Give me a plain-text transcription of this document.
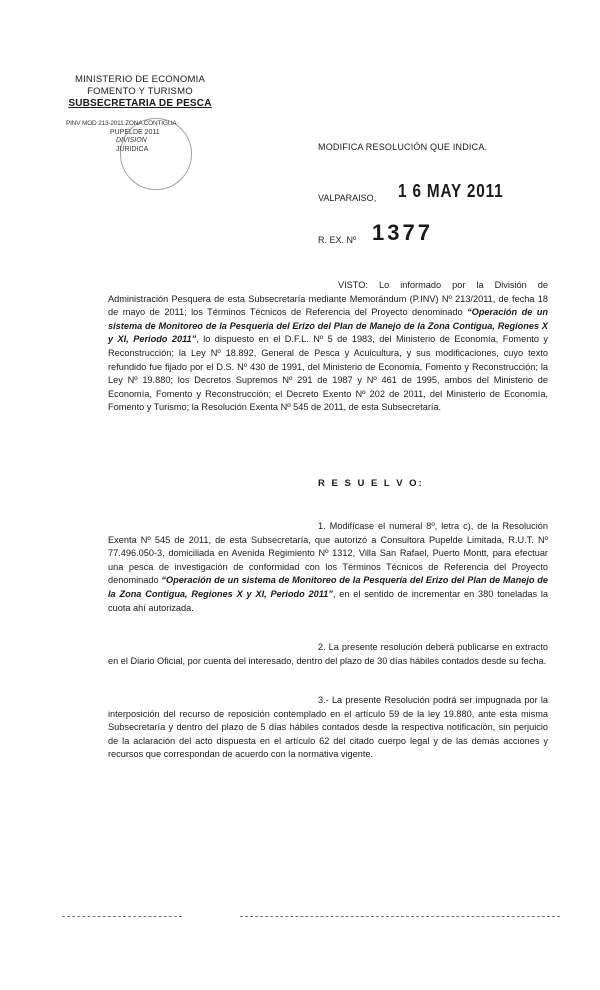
MINISTERIO DE ECONOMIA
FOMENTO Y TURISMO
SUBSECRETARIA DE PESCA
PINV MOD 213-2011 ZONA CONTIGUA
PUPELDE 2011
DIVISION
JURIDICA	MODIFICA RESOLUCIÓN QUE INDICA.
VALPARAISO, 1 6 MAY 2011
R. EX. Nº 1377
VISTO: Lo informado por la División de Administración Pesquera de esta Subsecretaría mediante Memorándum (P.INV) Nº 213/2011, de fecha 18 de mayo de 2011; los Términos Técnicos de Referencia del Proyecto denominado “Operación de un sistema de Monitoreo de la Pesquería del Erizo del Plan de Manejo de la Zona Contigua, Regiones X y XI, Periodo 2011”, lo dispuesto en el D.F.L. Nº 5 de 1983, del Ministerio de Economía, Fomento y Reconstrucción; la Ley Nº 18.892, General de Pesca y Acuicultura, y sus modificaciones, cuyo texto refundido fue fijado por el D.S. Nº 430 de 1991, del Ministerio de Economía, Fomento y Reconstrucción; la Ley Nº 19.880; los Decretos Supremos Nº 291 de 1987 y Nº 461 de 1995, ambos del Ministerio de Economía, Fomento y Reconstrucción; el Decreto Exento Nº 202 de 2011, del Ministerio de Economía, Fomento y Turismo; la Resolución Exenta Nº 545 de 2011, de esta Subsecretaría.
R E S U E L V O:
1. Modifícase el numeral 8º, letra c), de la Resolución Exenta Nº 545 de 2011, de esta Subsecretaría, que autorizó a Consultora Pupelde Limitada, R.U.T. Nº 77.496.050-3, domiciliada en Avenida Regimiento Nº 1312, Villa San Rafael, Puerto Montt, para efectuar una pesca de investigación de conformidad con los Términos Técnicos de Referencia del Proyecto denominado “Operación de un sistema de Monitoreo de la Pesquería del Erizo del Plan de Manejo de la Zona Contigua, Regiones X y XI, Periodo 2011”, en el sentido de incrementar en 380 toneladas la cuota ahí autorizada.
2. La presente resolución deberá publicarse en extracto en el Diario Oficial, por cuenta del interesado, dentro del plazo de 30 días hábiles contados desde su fecha.
3.- La presente Resolución podrá ser impugnada por la interposición del recurso de reposición contemplado en el artículo 59 de la ley 19.880, ante esta misma Subsecretaría y dentro del plazo de 5 días hábiles contados desde la respectiva notificación, sin perjuicio de la aclaración del acto dispuesta en el artículo 62 del citado cuerpo legal y de las demás acciones y recursos que correspondan de acuerdo con la normativa vigente.
